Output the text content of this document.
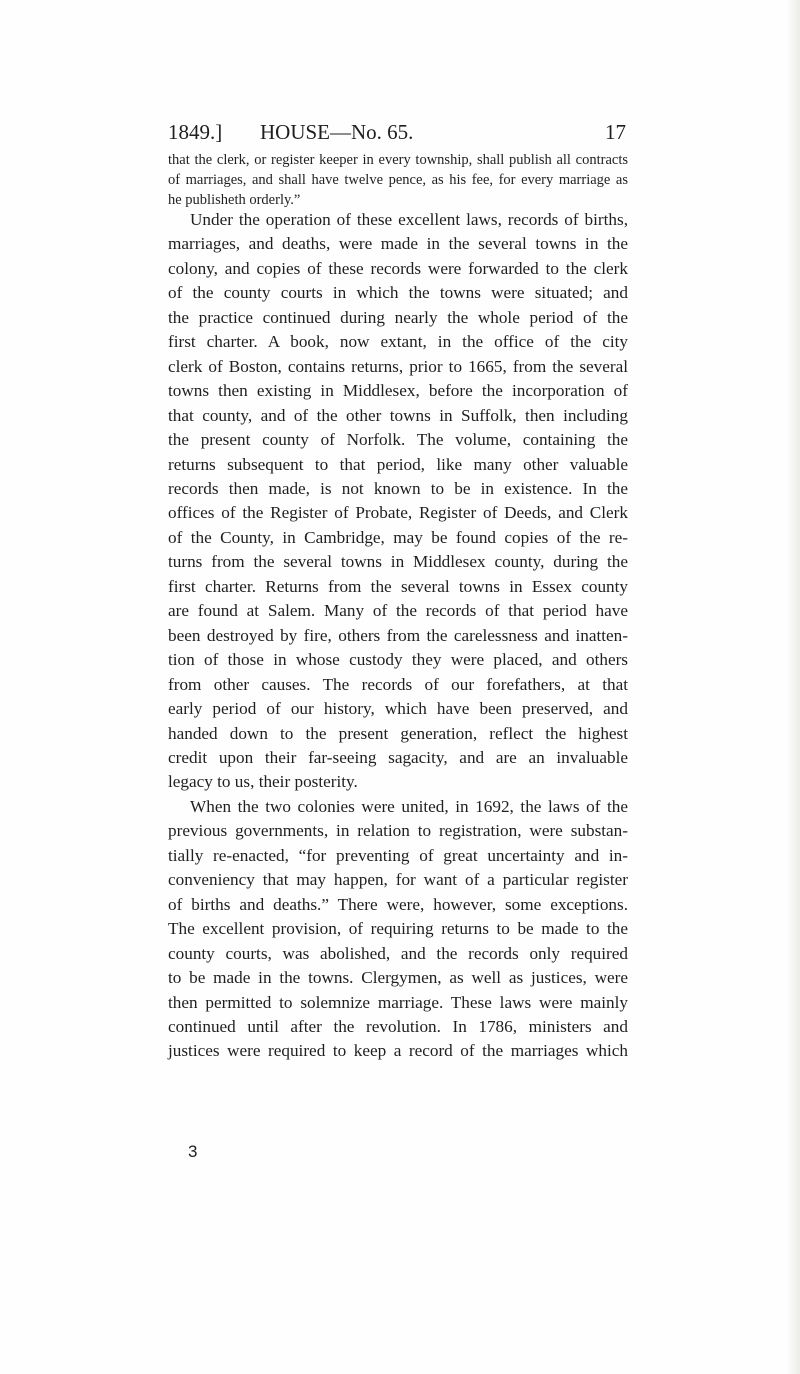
1849.] HOUSE—No. 65.	17
that the clerk, or register keeper in every township, shall publish all contracts
of marriages, and shall have twelve pence, as his fee, for every marriage as
he publisheth orderly.”
Under the operation of these excellent laws, records of births,
marriages, and deaths, were made in the several towns in the
colony, and copies of these records were forwarded to the clerk
of the county courts in which the towns were situated; and
the practice continued during nearly the whole period of the
first charter. A book, now extant, in the office of the city
clerk of Boston, contains returns, prior to 1665, from the several
towns then existing in Middlesex, before the incorporation of
that county, and of the other towns in Suffolk, then including
the present county of Norfolk. The volume, containing the
returns subsequent to that period, like many other valuable
records then made, is not known to be in existence. In the
offices of the Register of Probate, Register of Deeds, and Clerk
of the County, in Cambridge, may be found copies of the re-
turns from the several towns in Middlesex county, during the
first charter. Returns from the several towns in Essex county
are found at Salem. Many of the records of that period have
been destroyed by fire, others from the carelessness and inatten-
tion of those in whose custody they were placed, and others
from other causes. The records of our forefathers, at that
early period of our history, which have been preserved, and
handed down to the present generation, reflect the highest
credit upon their far-seeing sagacity, and are an invaluable
legacy to us, their posterity.
When the two colonies were united, in 1692, the laws of the
previous governments, in relation to registration, were substan-
tially re-enacted, “for preventing of great uncertainty and in-
conveniency that may happen, for want of a particular register
of births and deaths.” There were, however, some exceptions.
The excellent provision, of requiring returns to be made to the
county courts, was abolished, and the records only required
to be made in the towns. Clergymen, as well as justices, were
then permitted to solemnize marriage. These laws were mainly
continued until after the revolution. In 1786, ministers and
justices were required to keep a record of the marriages which
3
